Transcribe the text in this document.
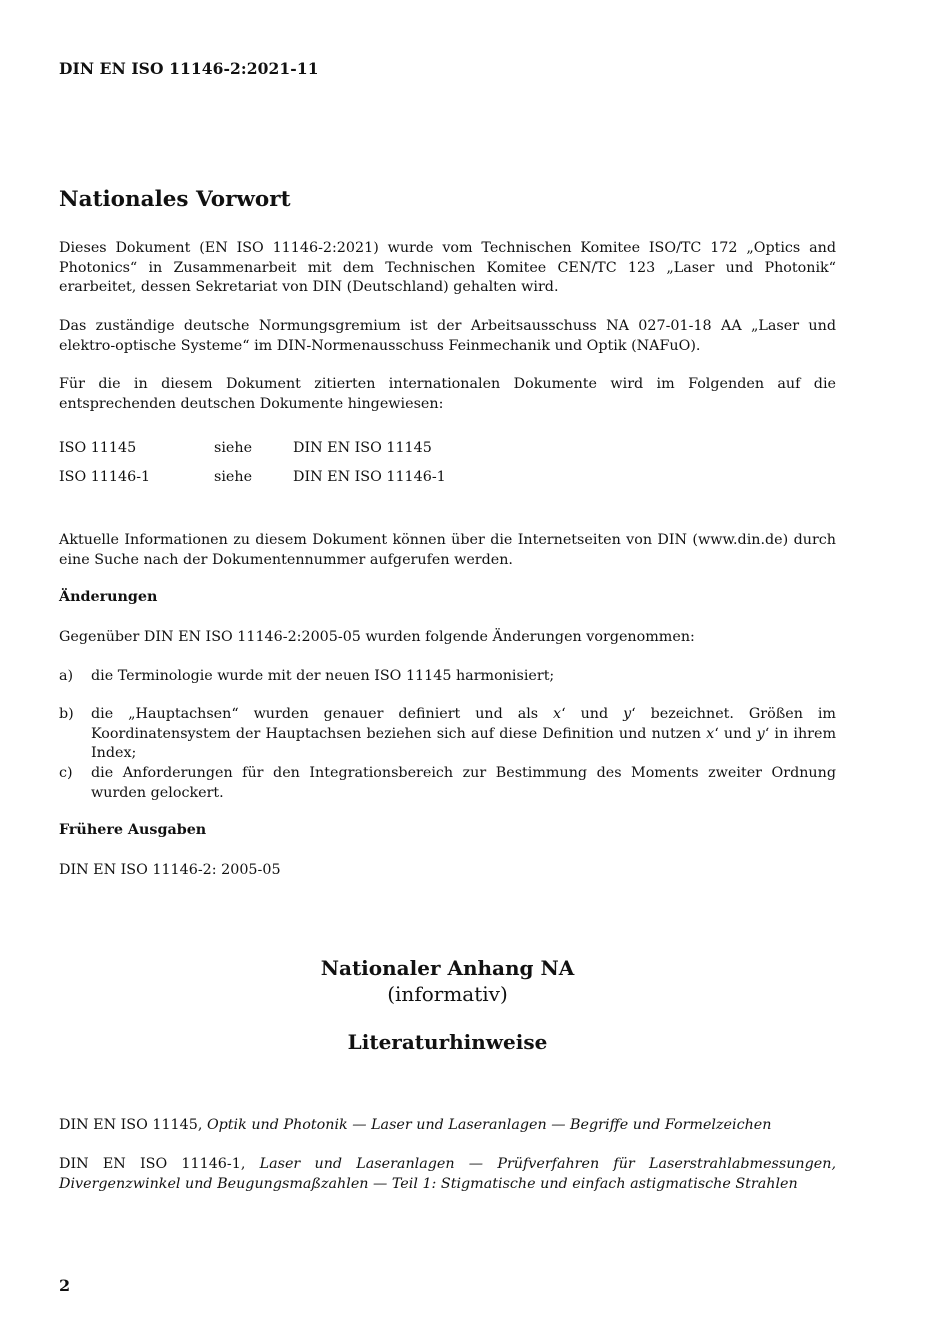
DIN EN ISO 11146-2:2021-11
Nationales Vorwort
Dieses Dokument (EN ISO 11146-2:2021) wurde vom Technischen Komitee ISO/TC 172 „Optics and Photonics“ in Zusammenarbeit mit dem Technischen Komitee CEN/TC 123 „Laser und Photonik“ erarbeitet, dessen Sekretariat von DIN (Deutschland) gehalten wird.
Das zuständige deutsche Normungsgremium ist der Arbeitsausschuss NA 027-01-18 AA „Laser und elektro-optische Systeme“ im DIN-Normenausschuss Feinmechanik und Optik (NAFuO).
Für die in diesem Dokument zitierten internationalen Dokumente wird im Folgenden auf die entsprechenden deutschen Dokumente hingewiesen:
ISO 11145	siehe	DIN EN ISO 11145
ISO 11146-1	siehe	DIN EN ISO 11146-1
Aktuelle Informationen zu diesem Dokument können über die Internetseiten von DIN (www.din.de) durch eine Suche nach der Dokumentennummer aufgerufen werden.
Änderungen
Gegenüber DIN EN ISO 11146-2:2005-05 wurden folgende Änderungen vorgenommen:
a) die Terminologie wurde mit der neuen ISO 11145 harmonisiert;
b) die „Hauptachsen“ wurden genauer definiert und als x‘ und y‘ bezeichnet. Größen im Koordinatensystem der Hauptachsen beziehen sich auf diese Definition und nutzen x‘ und y‘ in ihrem Index;
c) die Anforderungen für den Integrationsbereich zur Bestimmung des Moments zweiter Ordnung wurden gelockert.
Frühere Ausgaben
DIN EN ISO 11146-2: 2005-05
Nationaler Anhang NA
(informativ)
Literaturhinweise
DIN EN ISO 11145, Optik und Photonik — Laser und Laseranlagen — Begriffe und Formelzeichen
DIN EN ISO 11146-1, Laser und Laseranlagen — Prüfverfahren für Laserstrahlabmessungen, Divergenzwinkel und Beugungsmaßzahlen — Teil 1: Stigmatische und einfach astigmatische Strahlen
2
